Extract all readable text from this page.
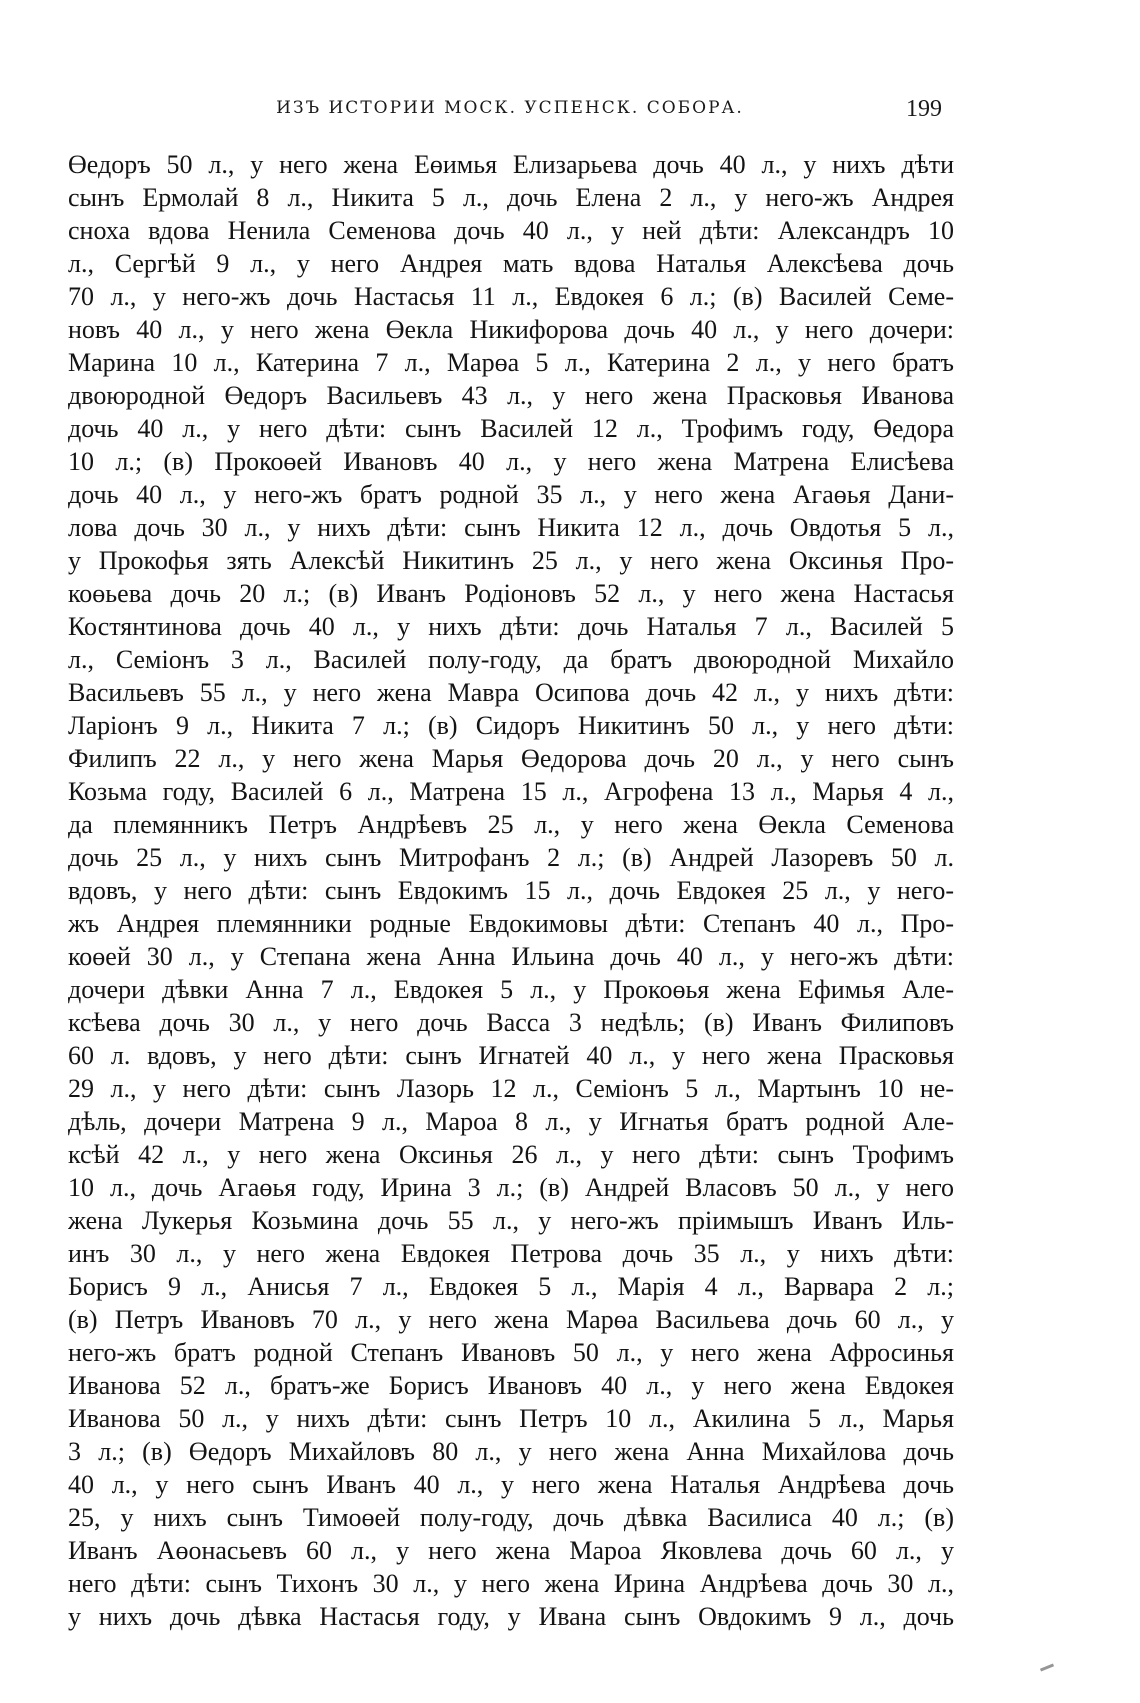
ИЗЪ ИСТОРИИ МОСК. УСПЕНСК. СОБОРА.	199
Өедоръ 50 л., у него жена Еөимья Елизарьева дочь 40 л., у нихъ дѣти
сынъ Ермолай 8 л., Никита 5 л., дочь Елена 2 л., у него-жъ Андрея
сноха вдова Ненила Семенова дочь 40 л., у ней дѣти: Александръ 10
л., Сергѣй 9 л., у него Андрея мать вдова Наталья Алексѣева дочь
70 л., у него-жъ дочь Настасья 11 л., Евдокея 6 л.; (в) Василей Семе-
новъ 40 л., у него жена Өекла Никифорова дочь 40 л., у него дочери:
Марина 10 л., Катерина 7 л., Марөа 5 л., Катерина 2 л., у него братъ
двоюродной Өедоръ Васильевъ 43 л., у него жена Прасковья Иванова
дочь 40 л., у него дѣти: сынъ Василей 12 л., Трофимъ году, Өедора
10 л.; (в) Прокоөей Ивановъ 40 л., у него жена Матрена Елисѣева
дочь 40 л., у него-жъ братъ родной 35 л., у него жена Агаөья Дани-
лова дочь 30 л., у нихъ дѣти: сынъ Никита 12 л., дочь Овдотья 5 л.,
у Прокофья зять Алексѣй Никитинъ 25 л., у него жена Оксинья Про-
коөьева дочь 20 л.; (в) Иванъ Родiоновъ 52 л., у него жена Настасья
Костянтинова дочь 40 л., у нихъ дѣти: дочь Наталья 7 л., Василей 5
л., Семiонъ 3 л., Василей полу-году, да братъ двоюродной Михайло
Васильевъ 55 л., у него жена Мавра Осипова дочь 42 л., у нихъ дѣти:
Ларiонъ 9 л., Никита 7 л.; (в) Сидоръ Никитинъ 50 л., у него дѣти:
Филипъ 22 л., у него жена Марья Өедорова дочь 20 л., у него сынъ
Козьма году, Василей 6 л., Матрена 15 л., Агрофена 13 л., Марья 4 л.,
да племянникъ Петръ Андрѣевъ 25 л., у него жена Өекла Семенова
дочь 25 л., у нихъ сынъ Митрофанъ 2 л.; (в) Андрей Лазоревъ 50 л.
вдовъ, у него дѣти: сынъ Евдокимъ 15 л., дочь Евдокея 25 л., у него-
жъ Андрея племянники родные Евдокимовы дѣти: Степанъ 40 л., Про-
коөей 30 л., у Степана жена Анна Ильина дочь 40 л., у него-жъ дѣти:
дочери дѣвки Анна 7 л., Евдокея 5 л., у Прокоөья жена Ефимья Але-
ксѣева дочь 30 л., у него дочь Васса 3 недѣль; (в) Иванъ Филиповъ
60 л. вдовъ, у него дѣти: сынъ Игнатей 40 л., у него жена Прасковья
29 л., у него дѣти: сынъ Лазорь 12 л., Семiонъ 5 л., Мартынъ 10 не-
дѣль, дочери Матрена 9 л., Мароа 8 л., у Игнатья братъ родной Але-
ксѣй 42 л., у него жена Оксинья 26 л., у него дѣти: сынъ Трофимъ
10 л., дочь Агаөья году, Ирина 3 л.; (в) Андрей Власовъ 50 л., у него
жена Лукерья Козьмина дочь 55 л., у него-жъ прiимышъ Иванъ Иль-
инъ 30 л., у него жена Евдокея Петрова дочь 35 л., у нихъ дѣти:
Борисъ 9 л., Анисья 7 л., Евдокея 5 л., Марiя 4 л., Варвара 2 л.;
(в) Петръ Ивановъ 70 л., у него жена Марөа Васильева дочь 60 л., у
него-жъ братъ родной Степанъ Ивановъ 50 л., у него жена Афросинья
Иванова 52 л., братъ-же Борисъ Ивановъ 40 л., у него жена Евдокея
Иванова 50 л., у нихъ дѣти: сынъ Петръ 10 л., Акилина 5 л., Марья
3 л.; (в) Өедоръ Михайловъ 80 л., у него жена Анна Михайлова дочь
40 л., у него сынъ Иванъ 40 л., у него жена Наталья Андрѣева дочь
25, у нихъ сынъ Тимоөей полу-году, дочь дѣвка Василиса 40 л.; (в)
Иванъ Аөонасьевъ 60 л., у него жена Мароа Яковлева дочь 60 л., у
него дѣти: сынъ Тихонъ 30 л., у него жена Ирина Андрѣева дочь 30 л.,
у нихъ дочь дѣвка Настасья году, у Ивана сынъ Овдокимъ 9 л., дочь
